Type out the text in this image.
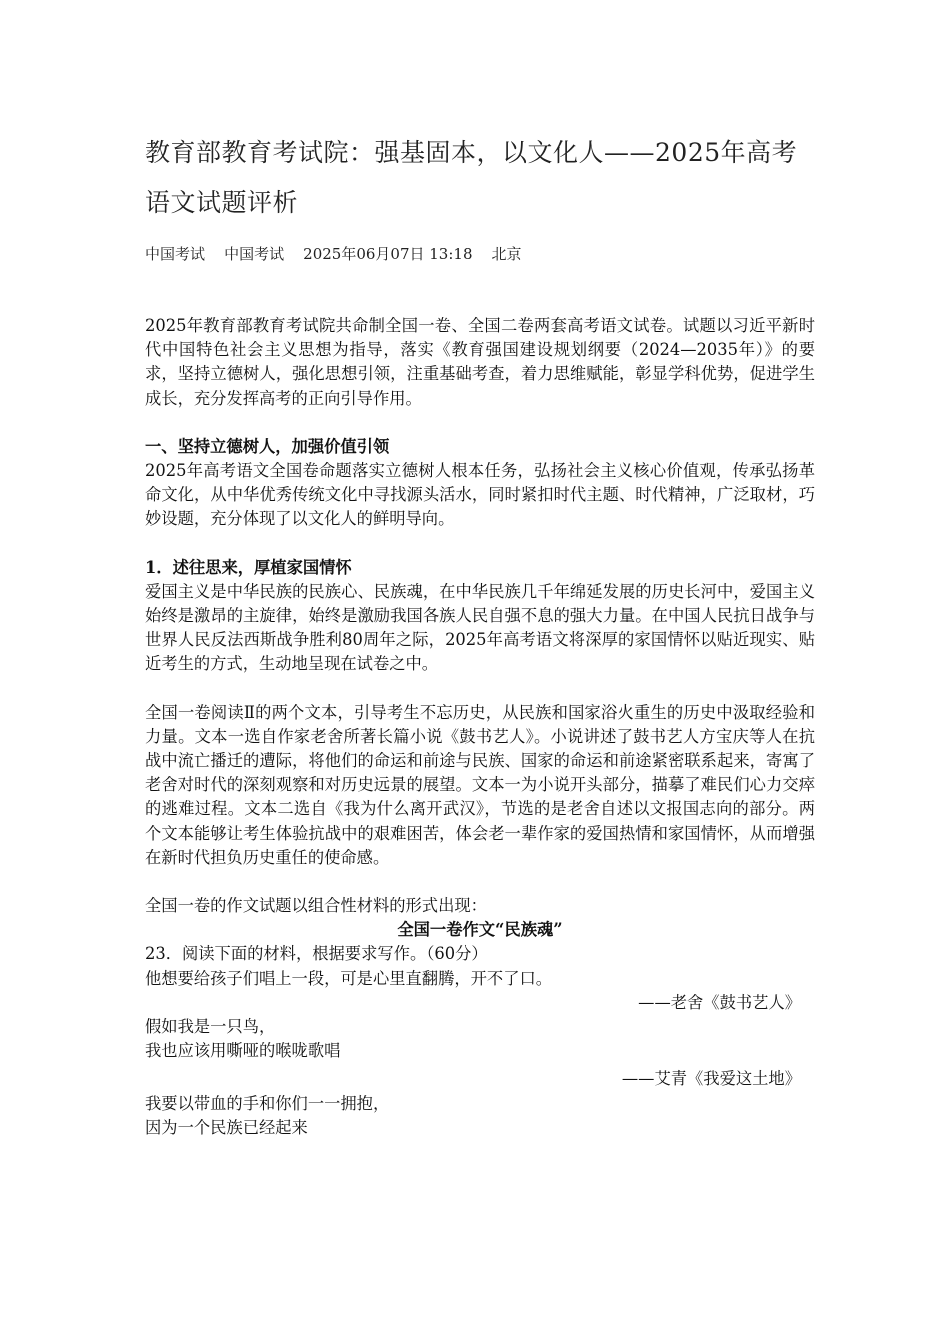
教育部教育考试院：强基固本，以文化人——2025年高考语文试题评析
中国考试    中国考试    2025年06月07日 13:18    北京

2025年教育部教育考试院共命制全国一卷、全国二卷两套高考语文试卷。试题以习近平新时代中国特色社会主义思想为指导，落实《教育强国建设规划纲要（2024—2035年）》的要求，坚持立德树人，强化思想引领，注重基础考查，着力思维赋能，彰显学科优势，促进学生成长，充分发挥高考的正向引导作用。

一、坚持立德树人，加强价值引领

2025年高考语文全国卷命题落实立德树人根本任务，弘扬社会主义核心价值观，传承弘扬革命文化，从中华优秀传统文化中寻找源头活水，同时紧扣时代主题、时代精神，广泛取材，巧妙设题，充分体现了以文化人的鲜明导向。

1．述往思来，厚植家国情怀

爱国主义是中华民族的民族心、民族魂，在中华民族几千年绵延发展的历史长河中，爱国主义始终是激昂的主旋律，始终是激励我国各族人民自强不息的强大力量。在中国人民抗日战争与世界人民反法西斯战争胜利80周年之际，2025年高考语文将深厚的家国情怀以贴近现实、贴近考生的方式，生动地呈现在试卷之中。

全国一卷阅读Ⅱ的两个文本，引导考生不忘历史，从民族和国家浴火重生的历史中汲取经验和力量。文本一选自作家老舍所著长篇小说《鼓书艺人》。小说讲述了鼓书艺人方宝庆等人在抗战中流亡播迁的遭际，将他们的命运和前途与民族、国家的命运和前途紧密联系起来，寄寓了老舍对时代的深刻观察和对历史远景的展望。文本一为小说开头部分，描摹了难民们心力交瘁的逃难过程。文本二选自《我为什么离开武汉》，节选的是老舍自述以文报国志向的部分。两个文本能够让考生体验抗战中的艰难困苦，体会老一辈作家的爱国热情和家国情怀，从而增强在新时代担负历史重任的使命感。

全国一卷的作文试题以组合性材料的形式出现：

全国一卷作文“民族魂”

23．阅读下面的材料，根据要求写作。（60分）

他想要给孩子们唱上一段，可是心里直翻腾，开不了口。

——老舍《鼓书艺人》

假如我是一只鸟，

我也应该用嘶哑的喉咙歌唱

——艾青《我爱这土地》

我要以带血的手和你们一一拥抱，

因为一个民族已经起来
